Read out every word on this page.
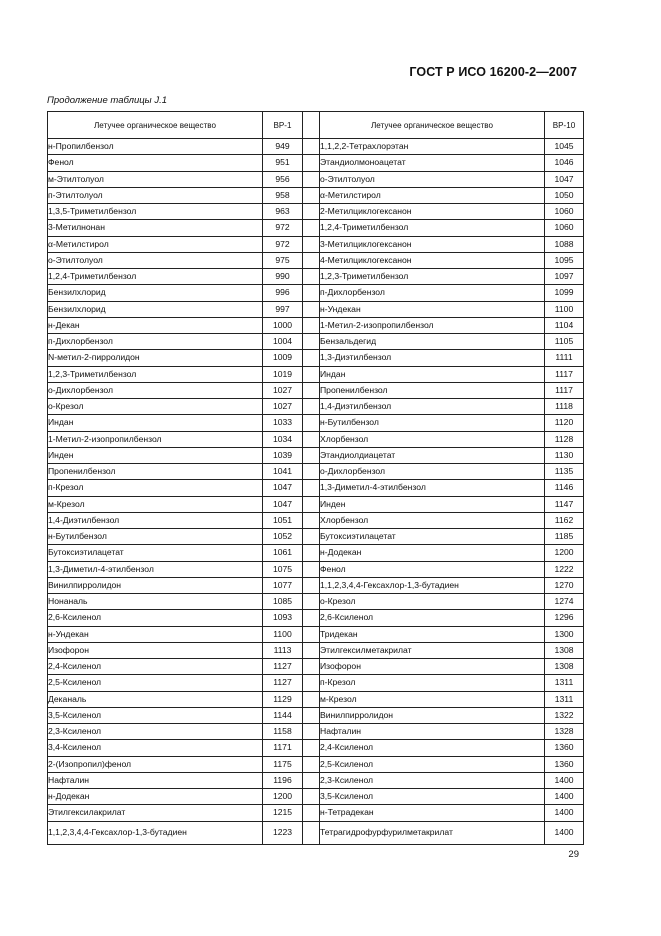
ГОСТ Р ИСО 16200-2—2007
Продолжение таблицы J.1
Летучее органическое вещество	ВР-1		Летучее органическое вещество	ВР-10
н-Пропилбензол	949		1,1,2,2-Тетрахлорэтан	1045
Фенол	951		Этандиолмоноацетат	1046
м-Этилтолуол	956		о-Этилтолуол	1047
п-Этилтолуол	958		α-Метилстирол	1050
1,3,5-Триметилбензол	963		2-Метилциклогексанон	1060
3-Метилнонан	972		1,2,4-Триметилбензол	1060
α-Метилстирол	972		3-Метилциклогексанон	1088
о-Этилтолуол	975		4-Метилциклогексанон	1095
1,2,4-Триметилбензол	990		1,2,3-Триметилбензол	1097
Бензилхлорид	996		п-Дихлорбензол	1099
Бензилхлорид	997		н-Ундекан	1100
н-Декан	1000		1-Метил-2-изопропилбензол	1104
п-Дихлорбензол	1004		Бензальдегид	1105
N-метил-2-пирролидон	1009		1,3-Диэтилбензол	1111
1,2,3-Триметилбензол	1019		Индан	1117
о-Дихлорбензол	1027		Пропенилбензол	1117
о-Крезол	1027		1,4-Диэтилбензол	1118
Индан	1033		н-Бутилбензол	1120
1-Метил-2-изопропилбензол	1034		Хлорбензол	1128
Инден	1039		Этандиолдиацетат	1130
Пропенилбензол	1041		о-Дихлорбензол	1135
п-Крезол	1047		1,3-Диметил-4-этилбензол	1146
м-Крезол	1047		Инден	1147
1,4-Диэтилбензол	1051		Хлорбензол	1162
н-Бутилбензол	1052		Бутоксиэтилацетат	1185
Бутоксиэтилацетат	1061		н-Додекан	1200
1,3-Диметил-4-этилбензол	1075		Фенол	1222
Винилпирролидон	1077		1,1,2,3,4,4-Гексахлор-1,3-бутадиен	1270
Нонаналь	1085		о-Крезол	1274
2,6-Ксиленол	1093		2,6-Ксиленол	1296
н-Ундекан	1100		Тридекан	1300
Изофорон	1113		Этилгексилметакрилат	1308
2,4-Ксиленол	1127		Изофорон	1308
2,5-Ксиленол	1127		п-Крезол	1311
Деканаль	1129		м-Крезол	1311
3,5-Ксиленол	1144		Винилпирролидон	1322
2,3-Ксиленол	1158		Нафталин	1328
3,4-Ксиленол	1171		2,4-Ксиленол	1360
2-(Изопропил)фенол	1175		2,5-Ксиленол	1360
Нафталин	1196		2,3-Ксиленол	1400
н-Додекан	1200		3,5-Ксиленол	1400
Этилгексилакрилат	1215		н-Тетрадекан	1400
1,1,2,3,4,4-Гексахлор-1,3-бутадиен	1223		Тетрагидрофурфурилметакрилат	1400
29
